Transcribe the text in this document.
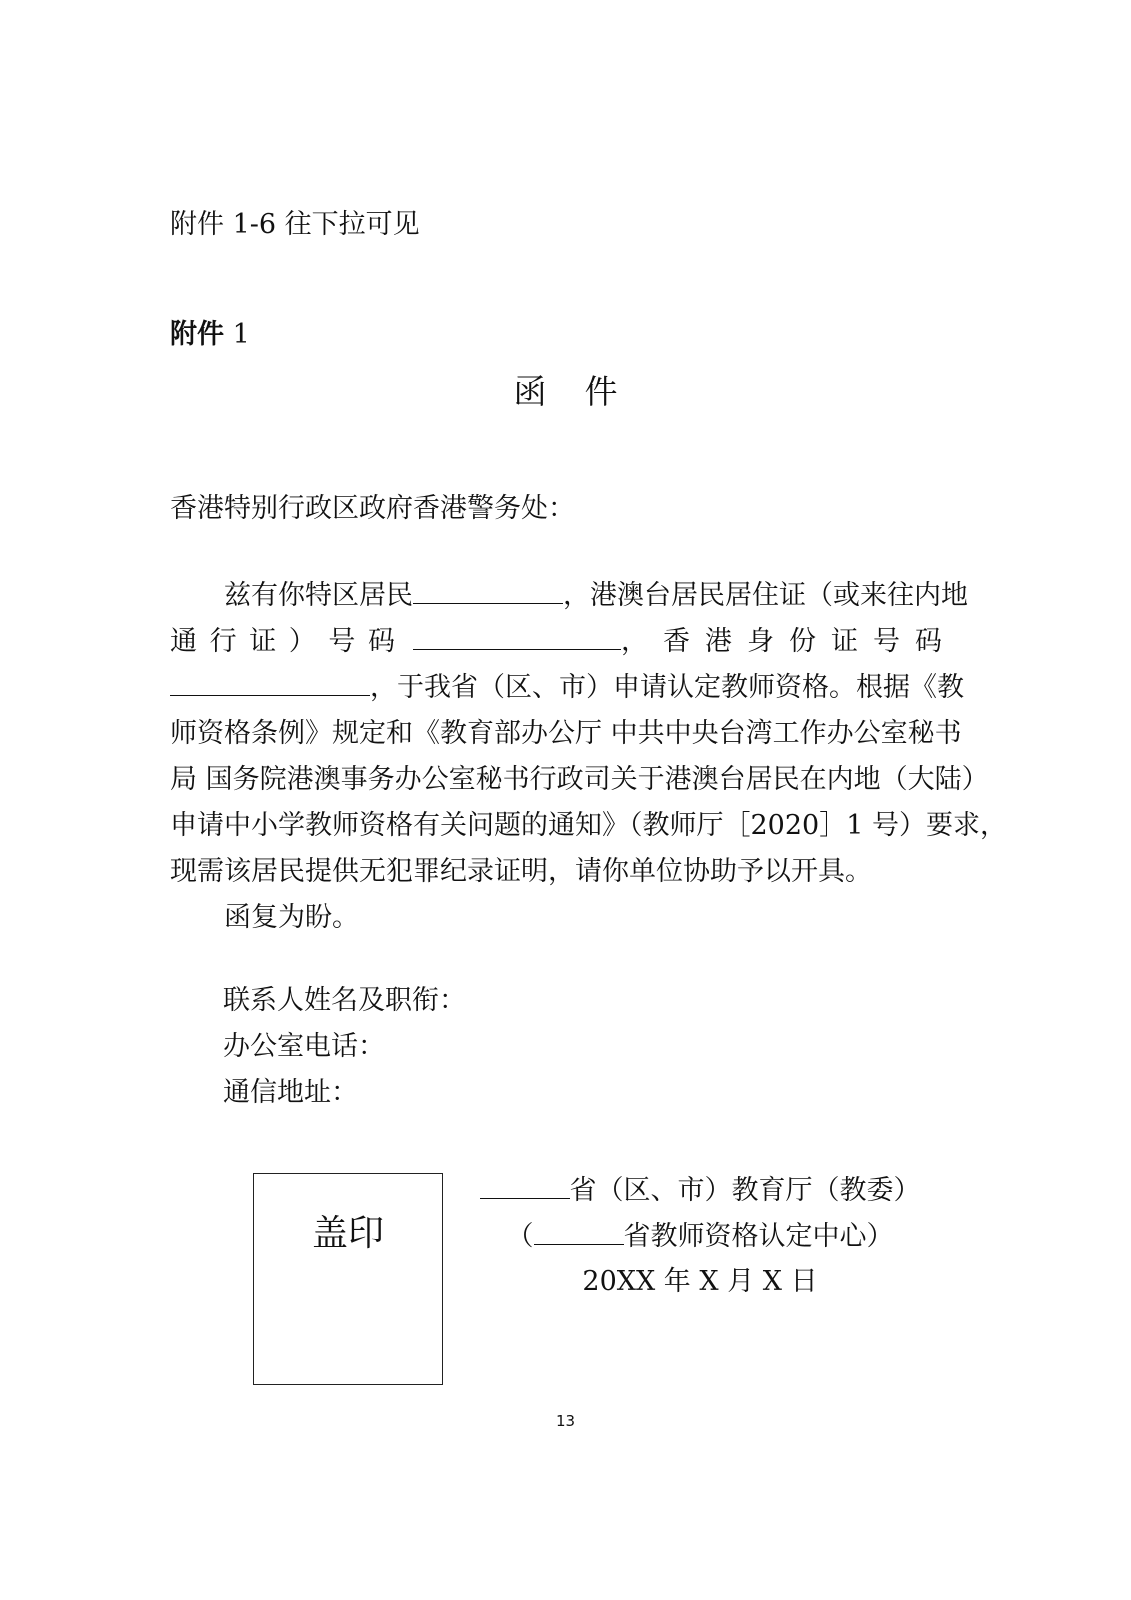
附件 1-6 往下拉可见
附件 1
函 件
香港特别行政区政府香港警务处：
兹有你特区居民	，港澳台居民居住证（或来往内地
通 行 证 ） 号 码	， 香 港 身 份 证 号 码
，于我省（区、市）申请认定教师资格。根据《教
师资格条例》规定和《教育部办公厅 中共中央台湾工作办公室秘书
局 国务院港澳事务办公室秘书行政司关于港澳台居民在内地（大陆）
申请中小学教师资格有关问题的通知》（教师厅［2020］1 号）要求，
现需该居民提供无犯罪纪录证明，请你单位协助予以开具。
函复为盼。
联系人姓名及职衔：
办公室电话：
通信地址：
盖印
省（区、市）教育厅（教委）
（	省教师资格认定中心）
20XX 年 X 月 X 日
13
